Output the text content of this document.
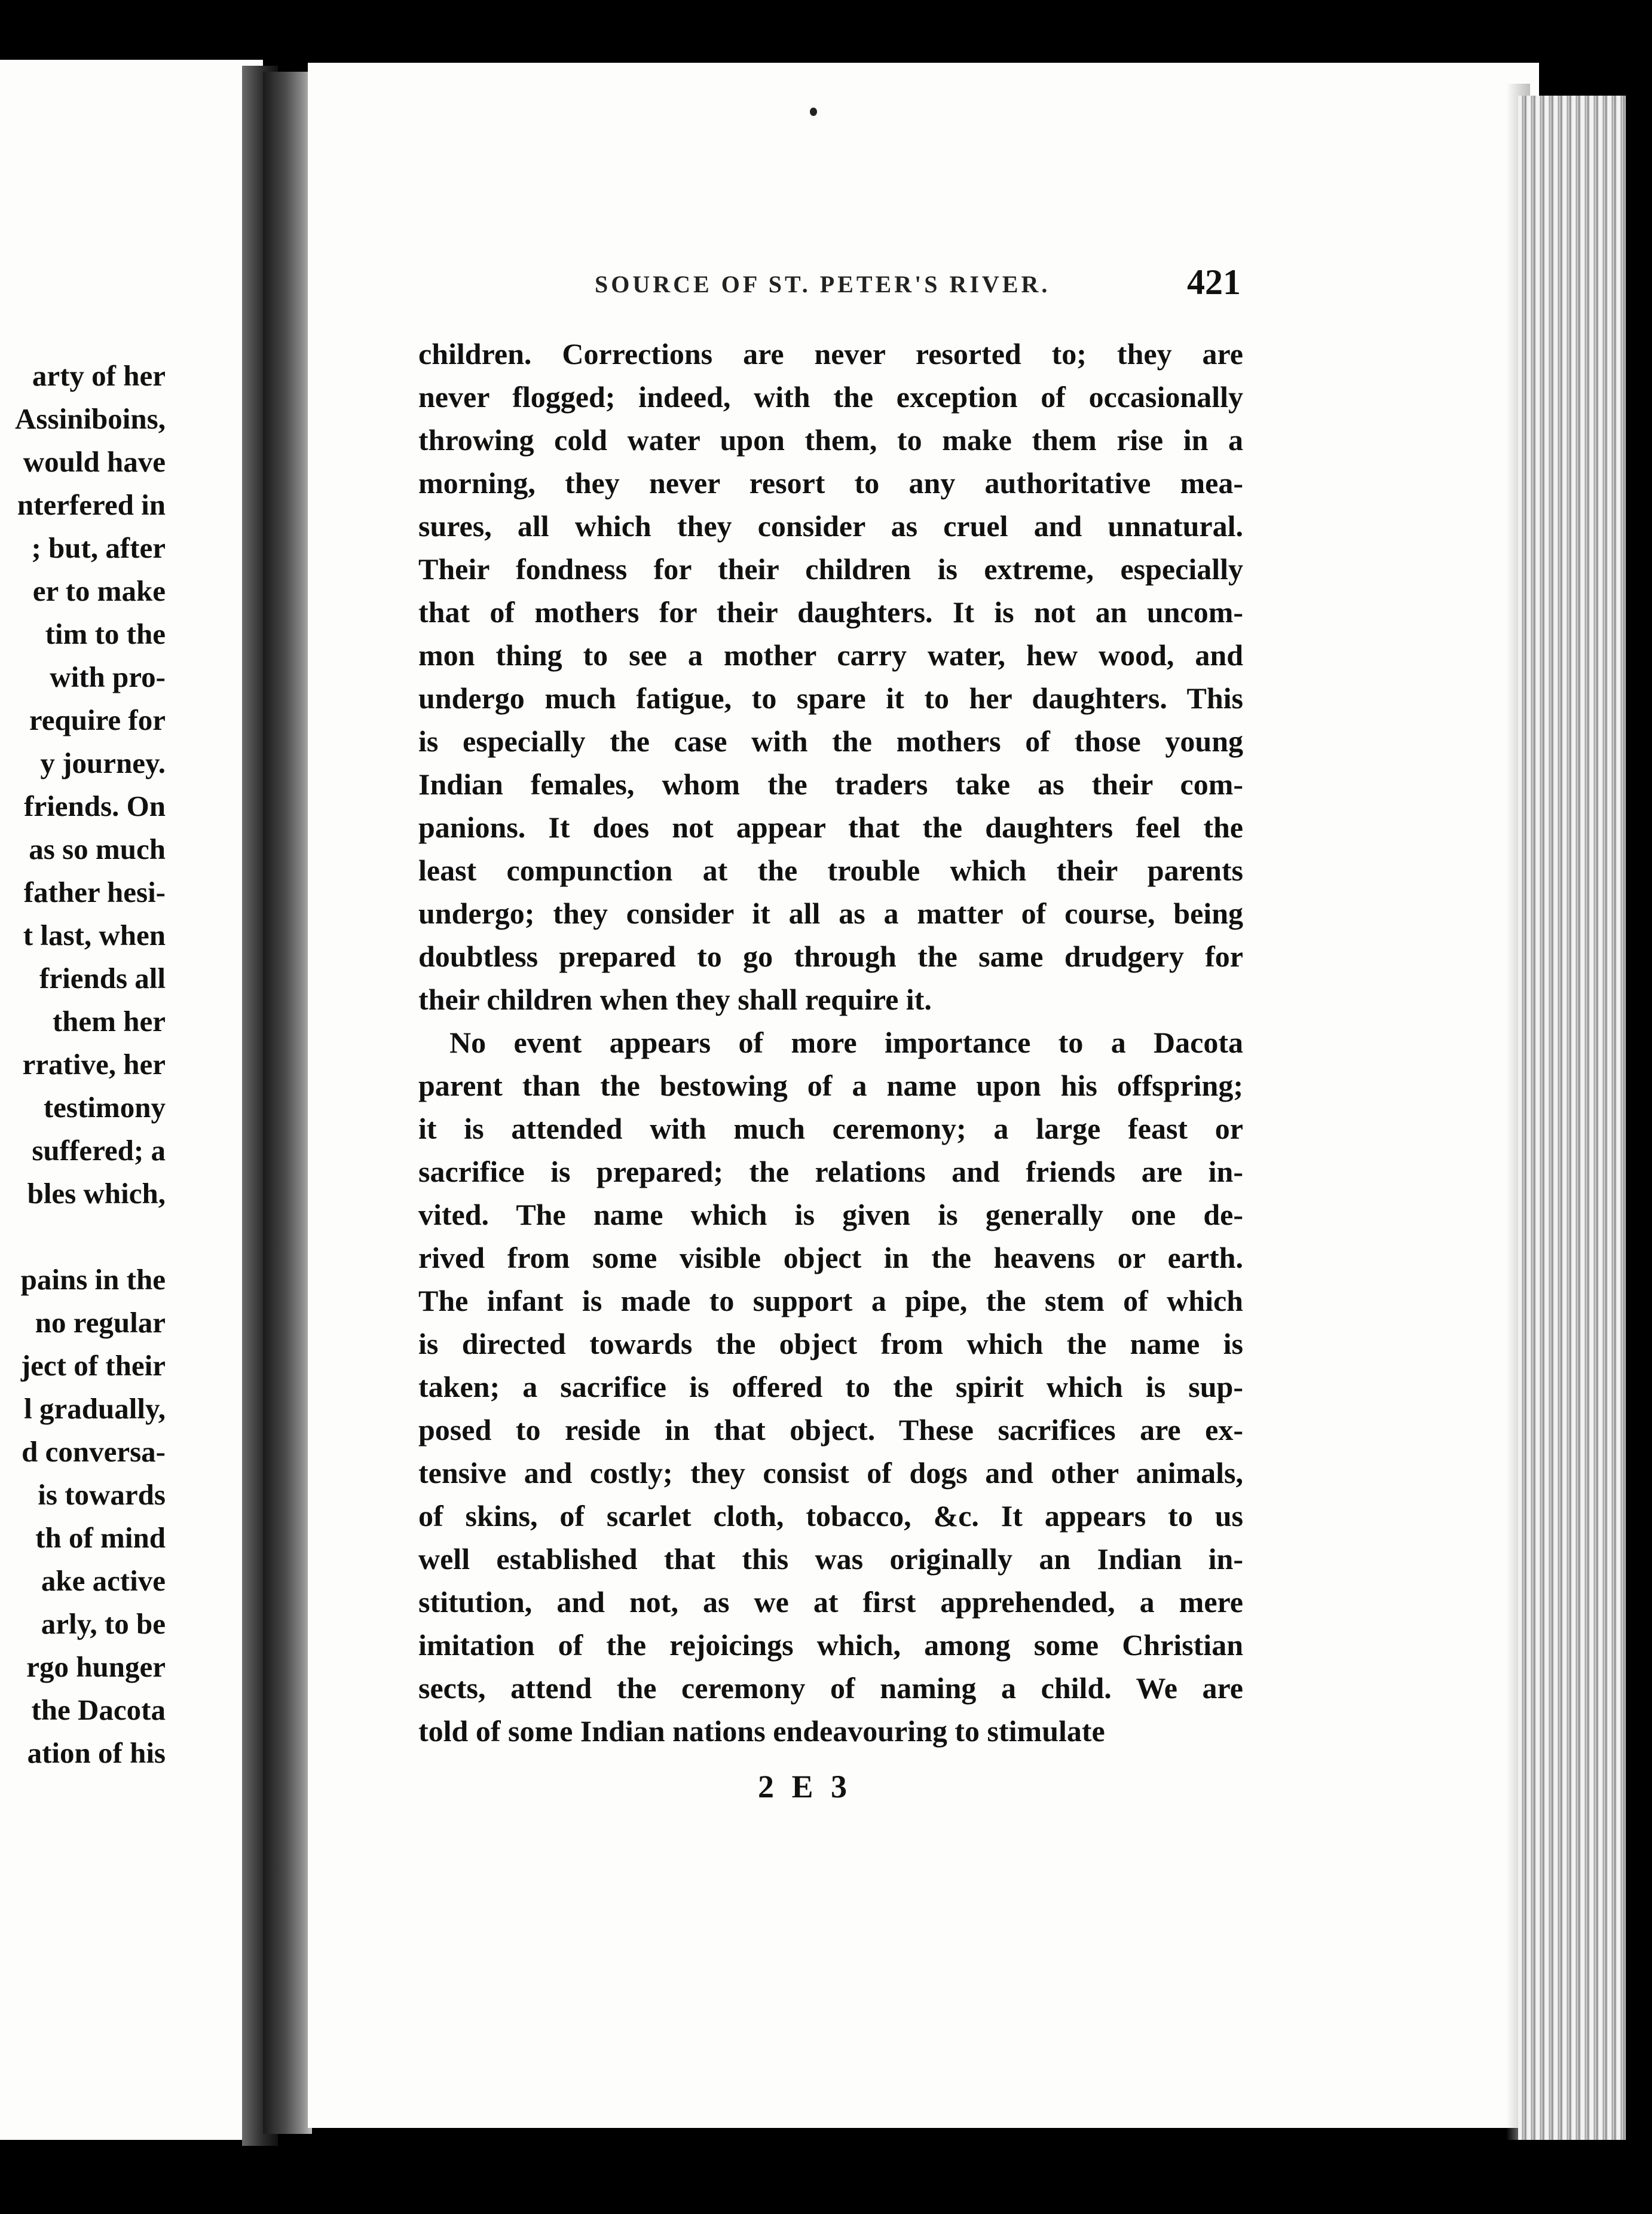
arty of her
Assiniboins,
would have
nterfered in
; but, after
er to make
tim to the
with pro-
require for
y journey.
friends. On
as so much
father hesi-
t last, when
friends all
them her
rrative, her
testimony
suffered; a
bles which,
pains in the
no regular
ject of their
l gradually,
d conversa-
is towards
th of mind
ake active
arly, to be
rgo hunger
the Dacota
ation of his
SOURCE OF ST. PETER'S RIVER.	421
children. Corrections are never resorted to; they are
never flogged; indeed, with the exception of occasionally
throwing cold water upon them, to make them rise in a
morning, they never resort to any authoritative mea-
sures, all which they consider as cruel and unnatural.
Their fondness for their children is extreme, especially
that of mothers for their daughters. It is not an uncom-
mon thing to see a mother carry water, hew wood, and
undergo much fatigue, to spare it to her daughters. This
is especially the case with the mothers of those young
Indian females, whom the traders take as their com-
panions. It does not appear that the daughters feel the
least compunction at the trouble which their parents
undergo; they consider it all as a matter of course, being
doubtless prepared to go through the same drudgery for
their children when they shall require it.
No event appears of more importance to a Dacota
parent than the bestowing of a name upon his offspring;
it is attended with much ceremony; a large feast or
sacrifice is prepared; the relations and friends are in-
vited. The name which is given is generally one de-
rived from some visible object in the heavens or earth.
The infant is made to support a pipe, the stem of which
is directed towards the object from which the name is
taken; a sacrifice is offered to the spirit which is sup-
posed to reside in that object. These sacrifices are ex-
tensive and costly; they consist of dogs and other animals,
of skins, of scarlet cloth, tobacco, &c. It appears to us
well established that this was originally an Indian in-
stitution, and not, as we at first apprehended, a mere
imitation of the rejoicings which, among some Christian
sects, attend the ceremony of naming a child. We are
told of some Indian nations endeavouring to stimulate
2 E 3
